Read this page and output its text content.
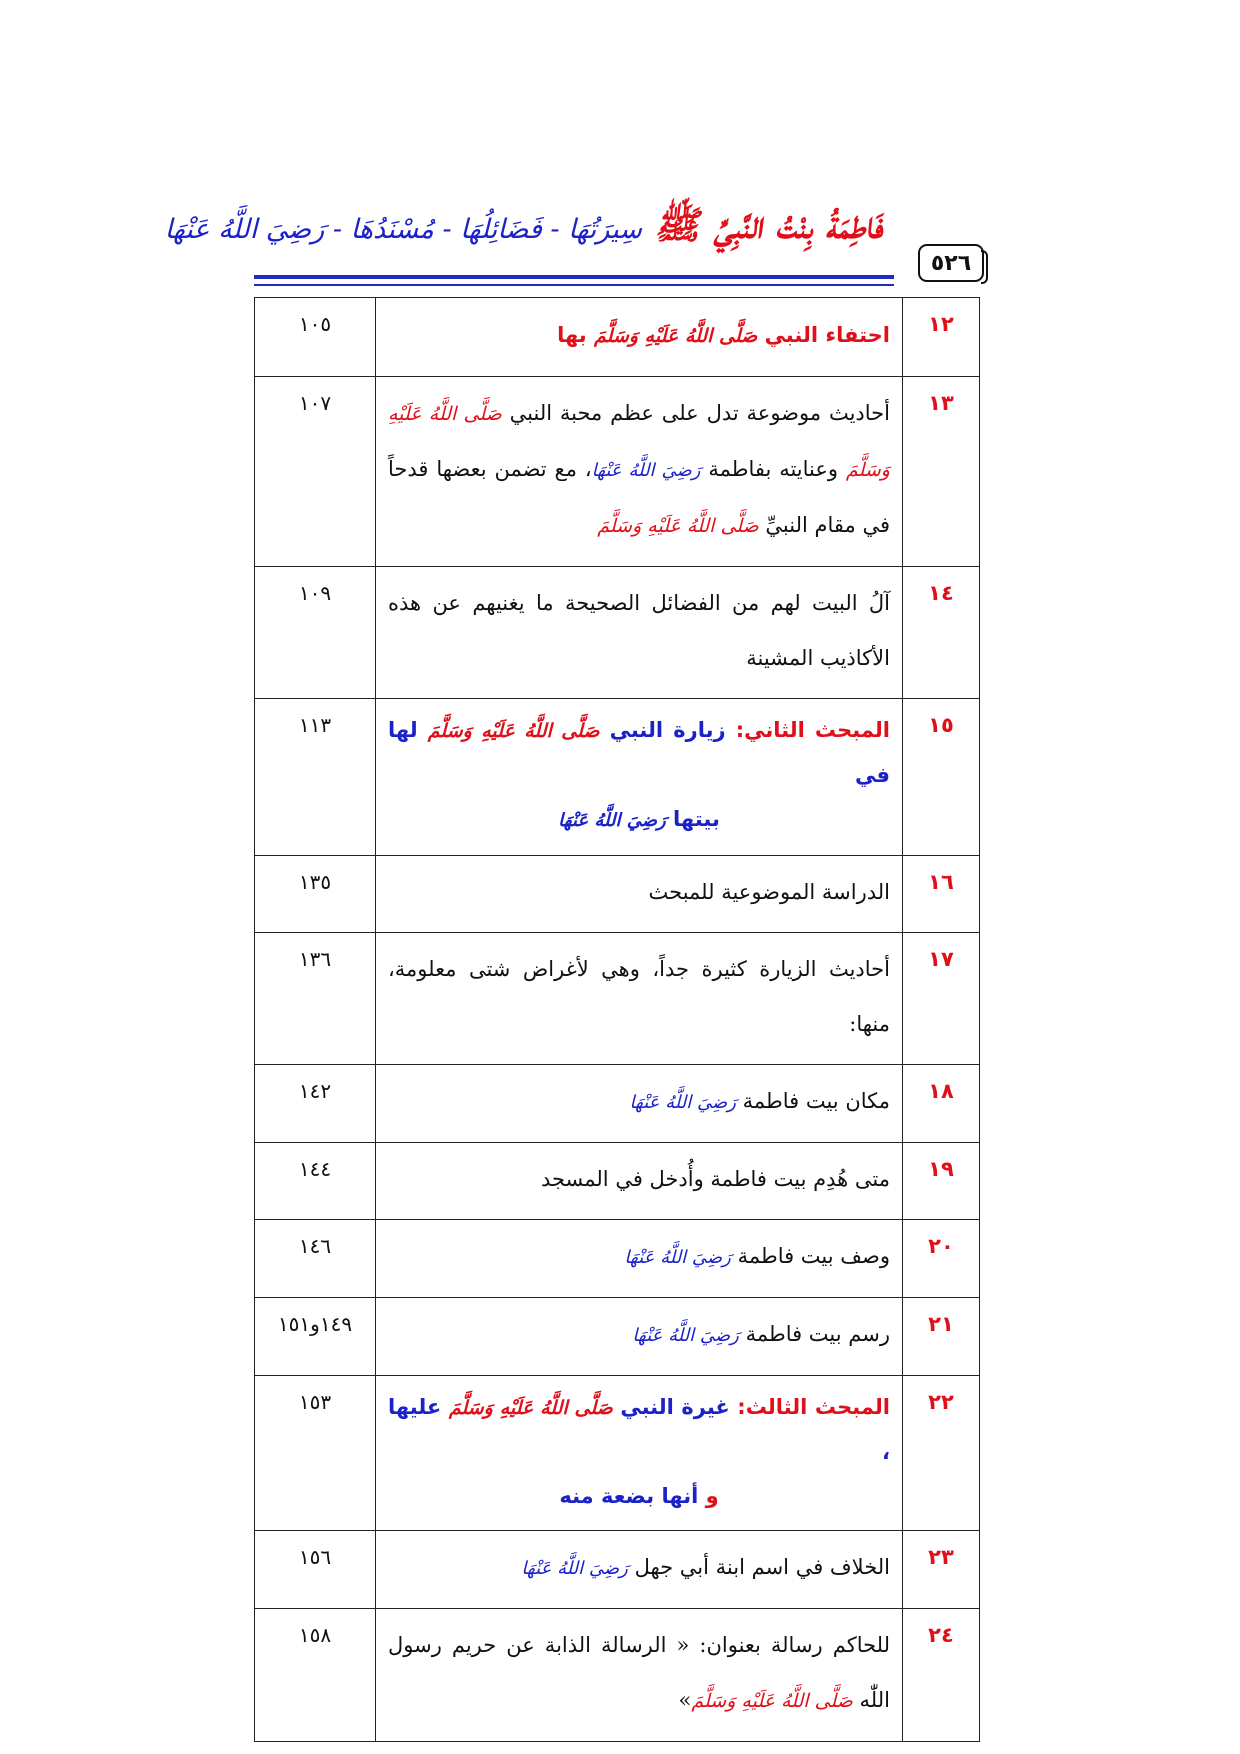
٥٢٦
فَاطِمَةُ بِنْتُ النَّبِيِّ ﷺسِيرَتُهَا - فَضَائِلُهَا - مُسْنَدُهَا - رَضِيَ اللَّهُ عَنْهَا
١٢	احتفاء النبي صَلَّى اللَّهُ عَلَيْهِ وَسَلَّمَ بها	١٠٥
١٣	أحاديث موضوعة تدل على عظم محبة النبي صَلَّى اللَّهُ عَلَيْهِ وَسَلَّمَ وعنايته بفاطمة رَضِيَ اللَّهُ عَنْهَا، مع تضمن بعضها قدحاً في مقام النبيِّ صَلَّى اللَّهُ عَلَيْهِ وَسَلَّمَ	١٠٧
١٤	آلُ البيت لهم من الفضائل الصحيحة ما يغنيهم عن هذه الأكاذيب المشينة	١٠٩
١٥	المبحث الثاني: زيارة النبي صَلَّى اللَّهُ عَلَيْهِ وَسَلَّمَ لها في
بيتها رَضِيَ اللَّهُ عَنْهَا	١١٣
١٦	الدراسة الموضوعية للمبحث	١٣٥
١٧	أحاديث الزيارة كثيرة جداً، وهي لأغراض شتى معلومة، منها:	١٣٦
١٨	مكان بيت فاطمة رَضِيَ اللَّهُ عَنْهَا	١٤٢
١٩	متى هُدِم بيت فاطمة وأُدخل في المسجد	١٤٤
٢٠	وصف بيت فاطمة رَضِيَ اللَّهُ عَنْهَا	١٤٦
٢١	رسم بيت فاطمة رَضِيَ اللَّهُ عَنْهَا	١٤٩و١٥١
٢٢	المبحث الثالث: غيرة النبي صَلَّى اللَّهُ عَلَيْهِ وَسَلَّمَ عليها ،
و أنها بضعة منه	١٥٣
٢٣	الخلاف في اسم ابنة أبي جهل رَضِيَ اللَّهُ عَنْهَا	١٥٦
٢٤	للحاكم رسالة بعنوان: « الرسالة الذابة عن حريم رسول اللّٰه صَلَّى اللَّهُ عَلَيْهِ وَسَلَّمَ»	١٥٨
